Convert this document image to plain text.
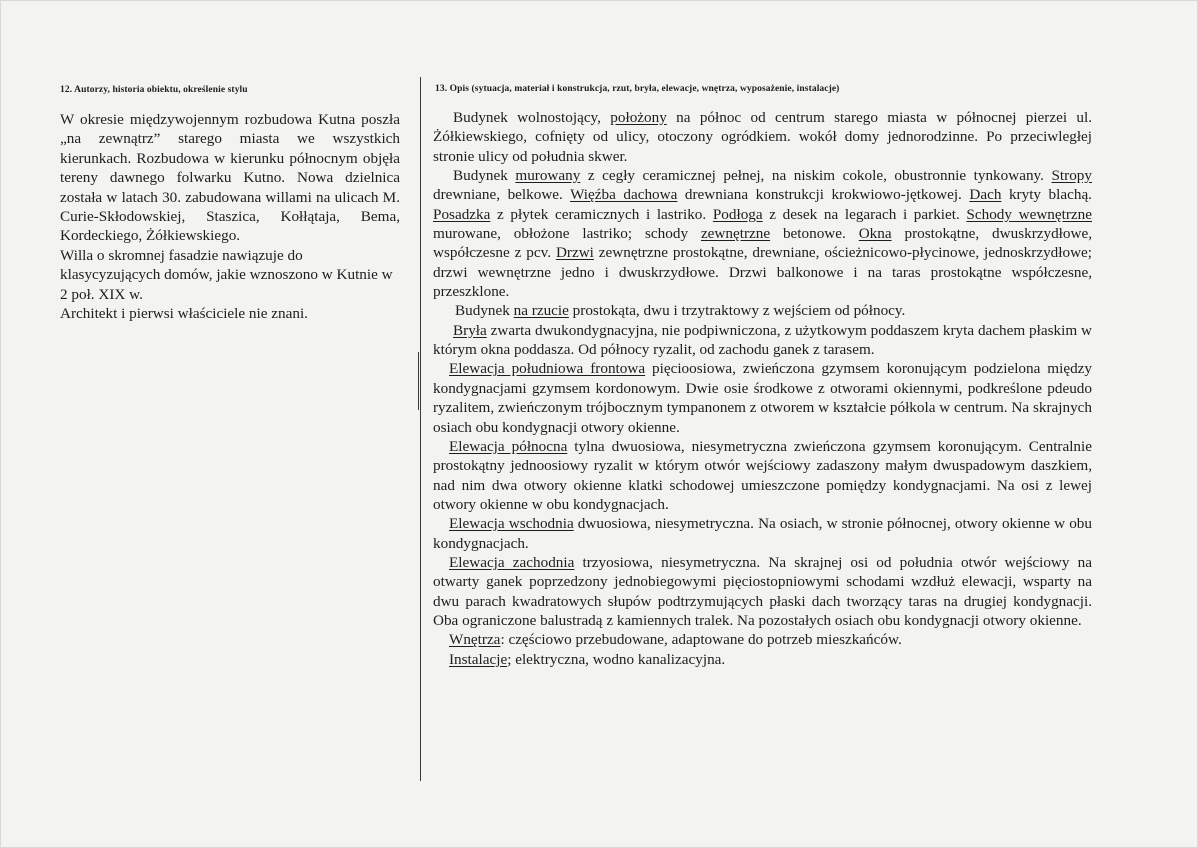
12. Autorzy, historia obiektu, określenie stylu	13. Opis (sytuacja, materiał i konstrukcja, rzut, bryła, elewacje, wnętrza, wyposażenie, instalacje)

W okresie międzywojennym rozbudowa Kutna poszła „na zewnątrz” starego miasta we wszystkich kierunkach. Rozbudowa w kierunku północnym objęła tereny dawnego folwarku Kutno. Nowa dzielnica została w latach 30. zabudowana willami na ulicach M. Curie-Skłodowskiej, Staszica, Kołłątaja, Bema, Kordeckiego, Żółkiewskiego.

Willa o skromnej fasadzie nawiązuje do klasycyzujących domów, jakie wznoszono w Kutnie w 2 poł. XIX w.

Architekt i pierwsi właściciele nie znani.

Budynek wolnostojący, położony na północ od centrum starego miasta w północnej pierzei ul. Żółkiewskiego, cofnięty od ulicy, otoczony ogródkiem. wokół domy jednorodzinne. Po przeciwległej stronie ulicy od południa skwer.

Budynek murowany z cegły ceramicznej pełnej, na niskim cokole, obustronnie tynkowany. Stropy drewniane, belkowe. Więźba dachowa drewniana konstrukcji krokwiowo-jętkowej. Dach kryty blachą. Posadzka z płytek ceramicznych i lastriko. Podłoga z desek na legarach i parkiet. Schody wewnętrzne murowane, obłożone lastriko; schody zewnętrzne betonowe. Okna prostokątne, dwuskrzydłowe, współczesne z pcv. Drzwi zewnętrzne prostokątne, drewniane, ościeżnicowo-płycinowe, jednoskrzydłowe; drzwi wewnętrzne jedno i dwuskrzydłowe. Drzwi balkonowe i na taras prostokątne współczesne, przeszklone.

Budynek na rzucie prostokąta, dwu i trzytraktowy z wejściem od północy.

Bryła zwarta dwukondygnacyjna, nie podpiwniczona, z użytkowym poddaszem kryta dachem płaskim w którym okna poddasza. Od północy ryzalit, od zachodu ganek z tarasem.

Elewacja południowa frontowa pięcioosiowa, zwieńczona gzymsem koronującym podzielona między kondygnacjami gzymsem kordonowym. Dwie osie środkowe z otworami okiennymi, podkreślone pdeudo ryzalitem, zwieńczonym trójbocznym tympanonem z otworem w kształcie półkola w centrum. Na skrajnych osiach obu kondygnacji otwory okienne.

Elewacja północna tylna dwuosiowa, niesymetryczna zwieńczona gzymsem koronującym. Centralnie prostokątny jednoosiowy ryzalit w którym otwór wejściowy zadaszony małym dwuspadowym daszkiem, nad nim dwa otwory okienne klatki schodowej umieszczone pomiędzy kondygnacjami. Na osi z lewej otwory okienne w obu kondygnacjach.

Elewacja wschodnia dwuosiowa, niesymetryczna. Na osiach, w stronie północnej, otwory okienne w obu kondygnacjach.

Elewacja zachodnia trzyosiowa, niesymetryczna. Na skrajnej osi od południa otwór wejściowy na otwarty ganek poprzedzony jednobiegowymi pięciostopniowymi schodami wzdłuż elewacji, wsparty na dwu parach kwadratowych słupów podtrzymujących płaski dach tworzący taras na drugiej kondygnacji. Oba ograniczone balustradą z kamiennych tralek. Na pozostałych osiach obu kondygnacji otwory okienne.

Wnętrza: częściowo przebudowane, adaptowane do potrzeb mieszkańców.

Instalacje; elektryczna, wodno kanalizacyjna.
